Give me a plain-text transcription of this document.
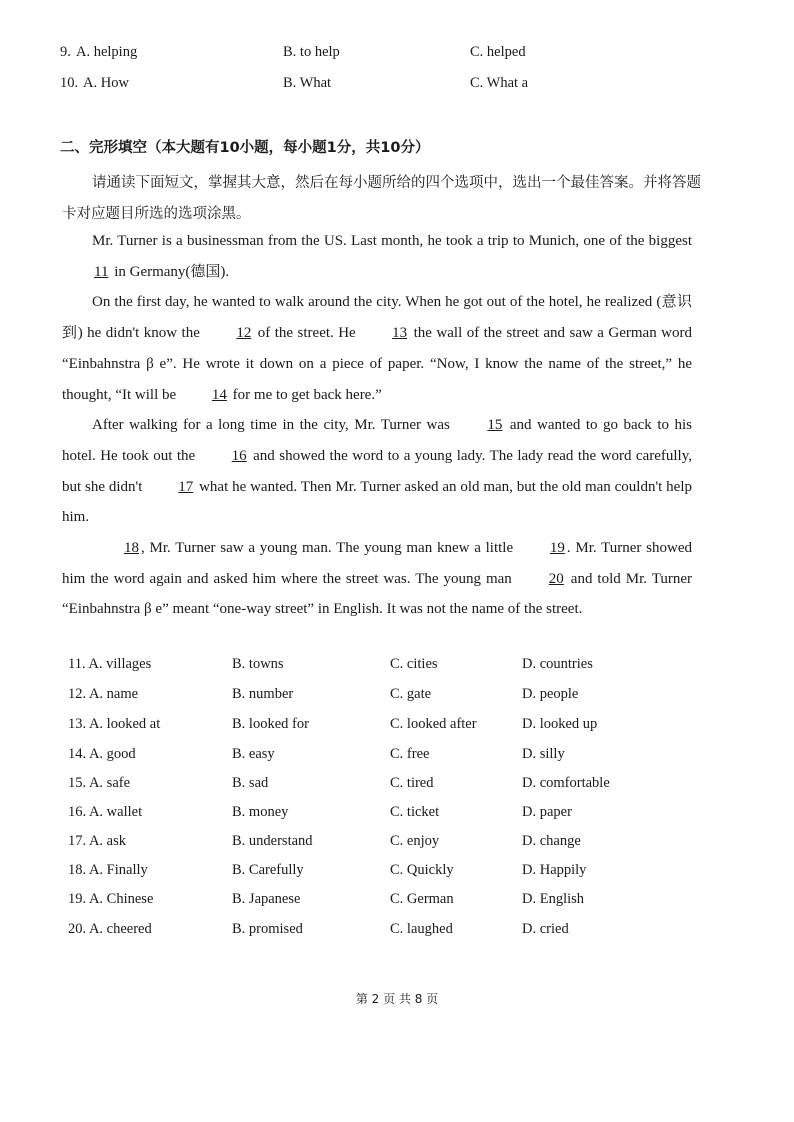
9. A. helping	B. to help	C. helped
10. A. How	B. What	C. What a
二、完形填空（本大题有10小题，每小题1分，共10分）
请通读下面短文，掌握其大意，然后在每小题所给的四个选项中，选出一个最佳答案。并将答题卡对应题目所选的选项涂黑。

Mr. Turner is a businessman from the US. Last month, he took a trip to Munich, one of the biggest 11 in Germany(德国).

On the first day, he wanted to walk around the city. When he got out of the hotel, he realized (意识到) he didn't know the 12 of the street. He 13 the wall of the street and saw a German word “Einbahnstra β e”. He wrote it down on a piece of paper. “Now, I know the name of the street,” he thought, “It will be 14 for me to get back here.”

After walking for a long time in the city, Mr. Turner was 15 and wanted to go back to his hotel. He took out the 16 and showed the word to a young lady. The lady read the word carefully, but she didn't 17 what he wanted. Then Mr. Turner asked an old man, but the old man couldn't help him.

18 , Mr. Turner saw a young man. The young man knew a little 19 . Mr. Turner showed him the word again and asked him where the street was. The young man 20 and told Mr. Turner “Einbahnstra β e” meant “one-way street” in English. It was not the name of the street.

11. A. villages	B. towns	C. cities	D. countries
12. A. name	B. number	C. gate	D. people
13. A. looked at	B. looked for	C. looked after	D. looked up
14. A. good	B. easy	C. free	D. silly
15. A. safe	B. sad	C. tired	D. comfortable
16. A. wallet	B. money	C. ticket	D. paper
17. A. ask	B. understand	C. enjoy	D. change
18. A. Finally	B. Carefully	C. Quickly	D. Happily
19. A. Chinese	B. Japanese	C. German	D. English
20. A. cheered	B. promised	C. laughed	D. cried
第 2 页 共 8 页
